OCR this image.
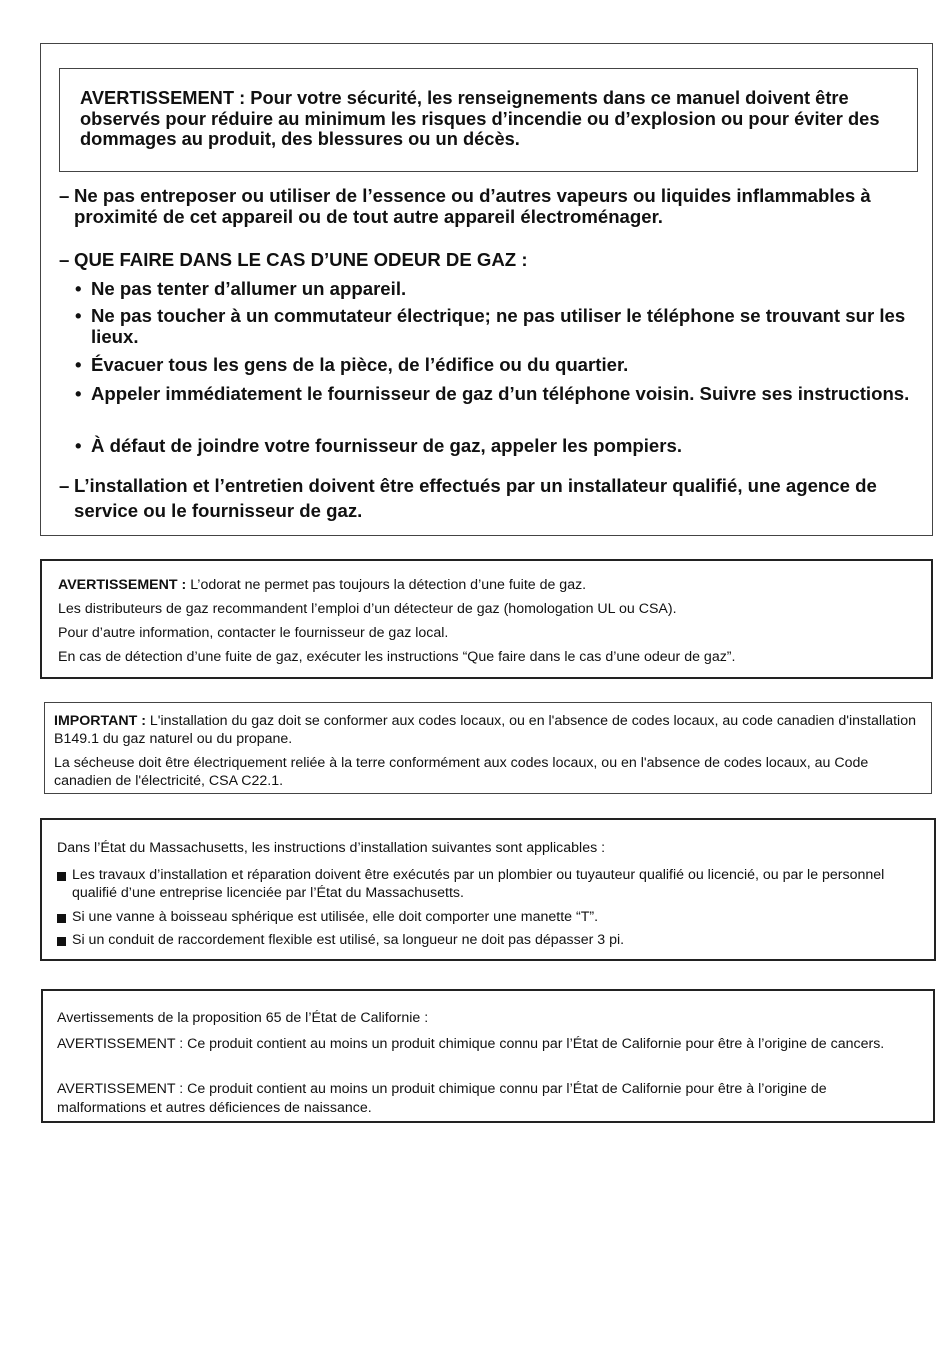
AVERTISSEMENT : Pour votre sécurité, les renseignements dans ce manuel doivent être observés pour réduire au minimum les risques d’incendie ou d’explosion ou pour éviter des dommages au produit, des blessures ou un décès.
– Ne pas entreposer ou utiliser de l’essence ou d’autres vapeurs ou liquides inflammables à proximité de cet appareil ou de tout autre appareil électroménager.
– QUE FAIRE DANS LE CAS D’UNE ODEUR DE GAZ :
• Ne pas tenter d’allumer un appareil.
• Ne pas toucher à un commutateur électrique; ne pas utiliser le téléphone se trouvant sur les lieux.
• Évacuer tous les gens de la pièce, de l’édifice ou du quartier.
• Appeler immédiatement le fournisseur de gaz d’un téléphone voisin. Suivre ses instructions.
• À défaut de joindre votre fournisseur de gaz, appeler les pompiers.
– L’installation et l’entretien doivent être effectués par un installateur qualifié, une agence de service ou le fournisseur de gaz.
AVERTISSEMENT : L’odorat ne permet pas toujours la détection d’une fuite de gaz.
Les distributeurs de gaz recommandent l’emploi d’un détecteur de gaz (homologation UL ou CSA).
Pour d’autre information, contacter le fournisseur de gaz local.
En cas de détection d’une fuite de gaz, exécuter les instructions “Que faire dans le cas d’une odeur de gaz”.
IMPORTANT : L'installation du gaz doit se conformer aux codes locaux, ou en l'absence de codes locaux, au code canadien d'installation B149.1 du gaz naturel ou du propane.
La sécheuse doit être électriquement reliée à la terre conformément aux codes locaux, ou en l'absence de codes locaux, au Code canadien de l'électricité, CSA C22.1.
Dans l’État du Massachusetts, les instructions d’installation suivantes sont applicables :
Les travaux d’installation et réparation doivent être exécutés par un plombier ou tuyauteur qualifié ou licencié, ou par le personnel qualifié d’une entreprise licenciée par l’État du Massachusetts.
Si une vanne à boisseau sphérique est utilisée, elle doit comporter une manette “T”.
Si un conduit de raccordement flexible est utilisé, sa longueur ne doit pas dépasser 3 pi.
Avertissements de la proposition 65 de l’État de Californie :
AVERTISSEMENT : Ce produit contient au moins un produit chimique connu par l’État de Californie pour être à l’origine de cancers.
AVERTISSEMENT : Ce produit contient au moins un produit chimique connu par l’État de Californie pour être à l’origine de malformations et autres déficiences de naissance.
